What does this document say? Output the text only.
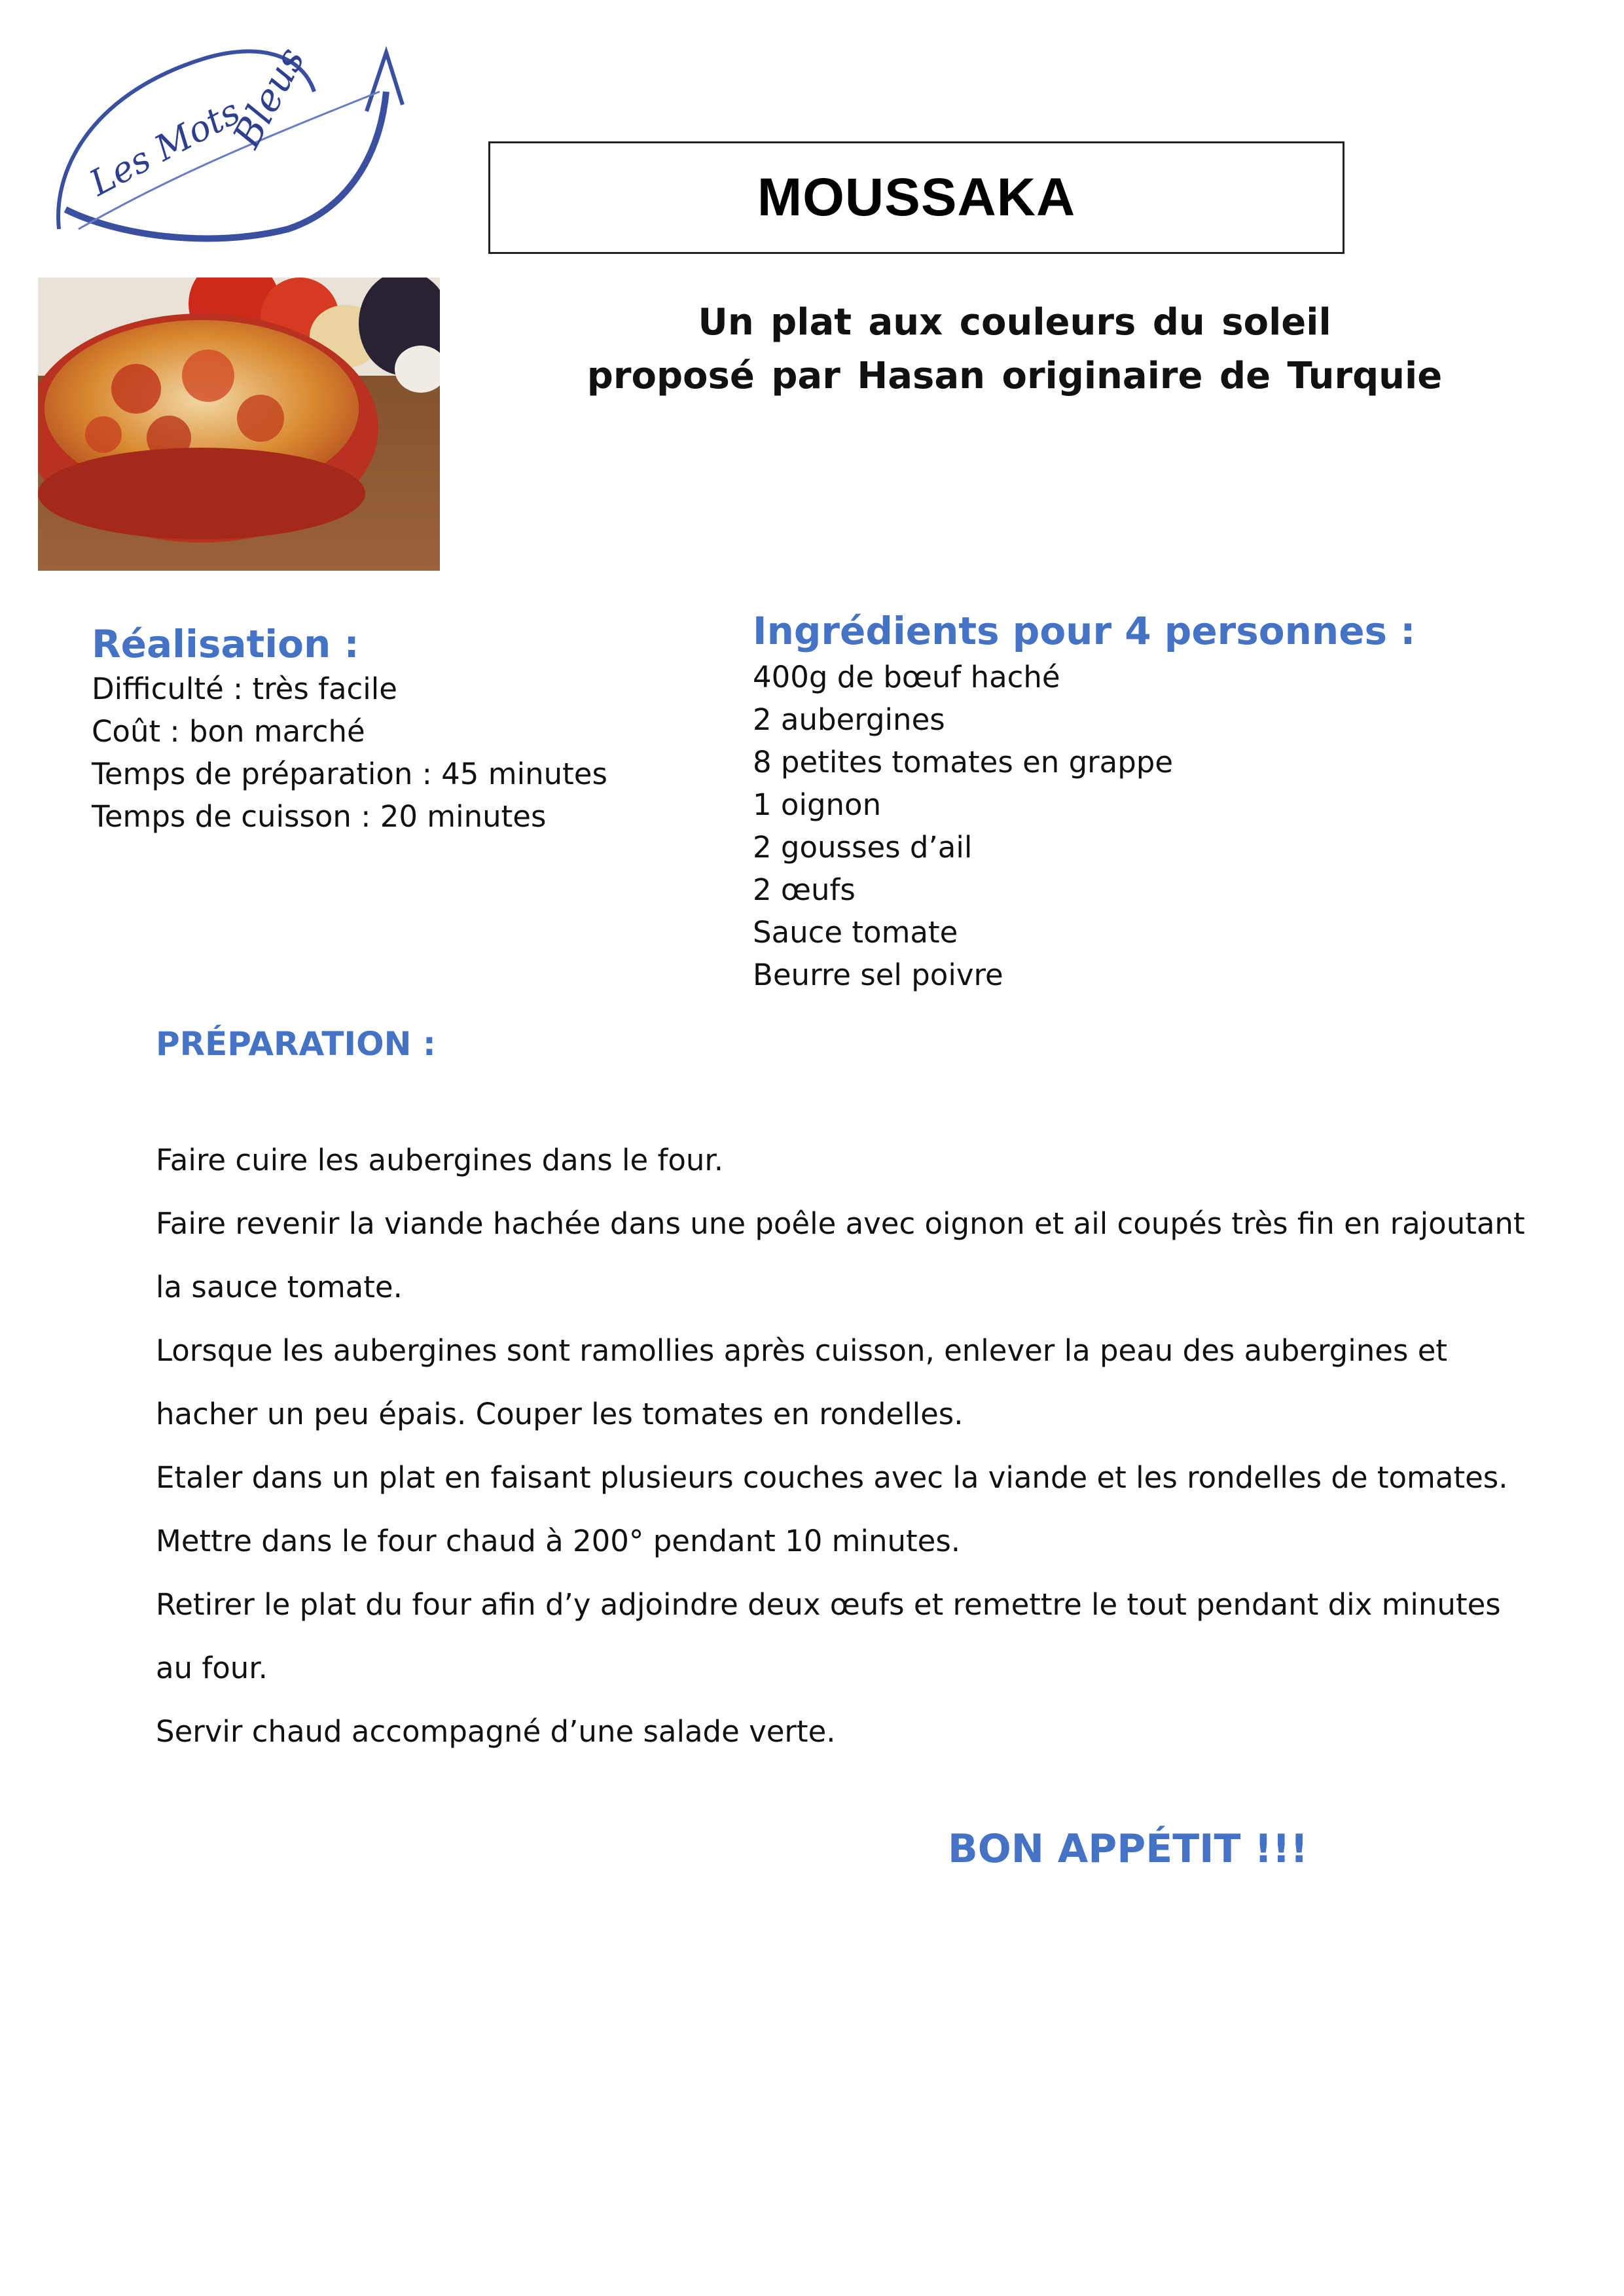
Les Mots
Bleus
MOUSSAKA
Un plat aux couleurs du soleil
proposé par Hasan originaire de Turquie
Réalisation :
Difficulté : très facile
Coût : bon marché
Temps de préparation : 45 minutes
Temps de cuisson : 20 minutes
Ingrédients pour 4 personnes :
400g de bœuf haché
2 aubergines
8 petites tomates en grappe
1 oignon
2 gousses d’ail
2 œufs
Sauce tomate
Beurre sel poivre
PRÉPARATION :
Faire cuire les aubergines dans le four.
Faire revenir la viande hachée dans une poêle avec oignon et ail coupés très fin en rajoutant
la sauce tomate.
Lorsque les aubergines sont ramollies après cuisson, enlever la peau des aubergines et
hacher un peu épais. Couper les tomates en rondelles.
Etaler dans un plat en faisant plusieurs couches avec la viande et les rondelles de tomates.
Mettre dans le four chaud à 200° pendant 10 minutes.
Retirer le plat du four afin d’y adjoindre deux œufs et remettre le tout pendant dix minutes
au four.
Servir chaud accompagné d’une salade verte.
BON APPÉTIT !!!
